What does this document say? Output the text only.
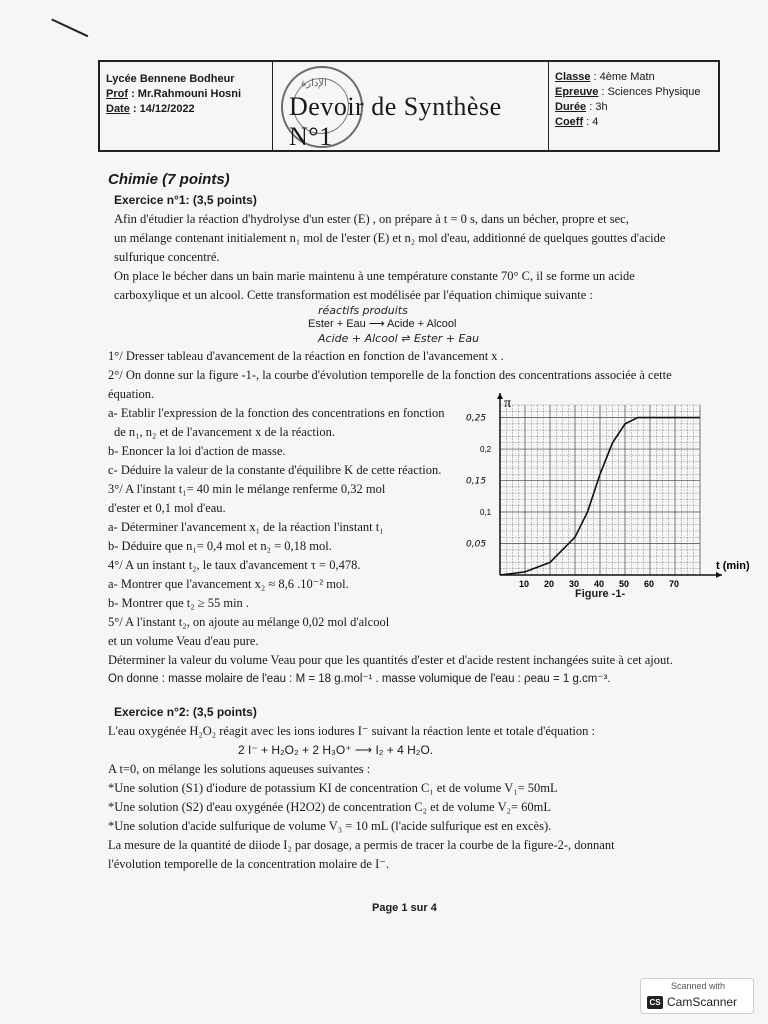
Lycée Bennene Bodheur
Prof : Mr.Rahmouni Hosni
Date : 14/12/2022
الإدارة
Devoir de Synthèse N°1
Classe : 4ème Matn
Epreuve : Sciences Physique
Durée : 3h
Coeff : 4
Chimie (7 points)
Exercice n°1: (3,5 points)

Afin d'étudier la réaction d'hydrolyse d'un ester (E) , on prépare à t = 0 s, dans un bécher, propre et sec,

un mélange contenant initialement n₁ mol de l'ester (E) et n₂ mol d'eau, additionné de quelques gouttes d'acide

sulfurique concentré.

On place le bécher dans un bain marie maintenu à une température constante 70° C, il se forme un acide

carboxylique et un alcool. Cette transformation est modélisée par l'équation chimique suivante :

réactifs produits
Ester + Eau ⟶ Acide + Alcool
Acide + Alcool ⇌ Ester + Eau

1°/ Dresser tableau d'avancement de la réaction en fonction de l'avancement x .

2°/ On donne sur la figure -1-, la courbe d'évolution temporelle de la fonction des concentrations associée à cette équation.

a- Etablir l'expression de la fonction des concentrations en fonction

de n₁, n₂ et de l'avancement x de la réaction.

b- Enoncer la loi d'action de masse.

c- Déduire la valeur de la constante d'équilibre K de cette réaction.

3°/ A l'instant t₁= 40 min le mélange renferme 0,32 mol

d'ester et 0,1 mol d'eau.

a- Déterminer l'avancement x₁ de la réaction l'instant t₁

b- Déduire que n₁= 0,4 mol et n₂ = 0,18 mol.

4°/ A un instant t₂, le taux d'avancement τ = 0,478.

a- Montrer que l'avancement x₂ ≈ 8,6 .10⁻² mol.

b- Montrer que t₂ ≥ 55 min .

5°/ A l'instant t₂, on ajoute au mélange 0,02 mol d'alcool

et un volume Veau d'eau pure.

Déterminer la valeur du volume Veau pour que les quantités d'ester et d'acide restent inchangées suite à cet ajout.

On donne : masse molaire de l'eau : M = 18 g.mol⁻¹ . masse volumique de l'eau : ρeau = 1 g.cm⁻³.

Exercice n°2: (3,5 points)

L'eau oxygénée H₂O₂ réagit avec les ions iodures I⁻ suivant la réaction lente et totale d'équation :

2 I⁻ + H₂O₂ + 2 H₃O⁺ ⟶ I₂ + 4 H₂O.

A t=0, on mélange les solutions aqueuses suivantes :

*Une solution (S1) d'iodure de potassium KI de concentration C₁ et de volume V₁= 50mL

*Une solution (S2) d'eau oxygénée (H2O2) de concentration C₂ et de volume V₂= 60mL

*Une solution d'acide sulfurique de volume V₃ = 10 mL (l'acide sulfurique est en excès).

La mesure de la quantité de diiode I₂ par dosage, a permis de tracer la courbe de la figure-2-, donnant

l'évolution temporelle de la concentration molaire de I⁻.

π
t (min)
10 20 30 40 50 60 70
0,1
0,2
0,25
0,15
0,05
Figure -1-
Page 1 sur 4
Scanned with
CS CamScanner
